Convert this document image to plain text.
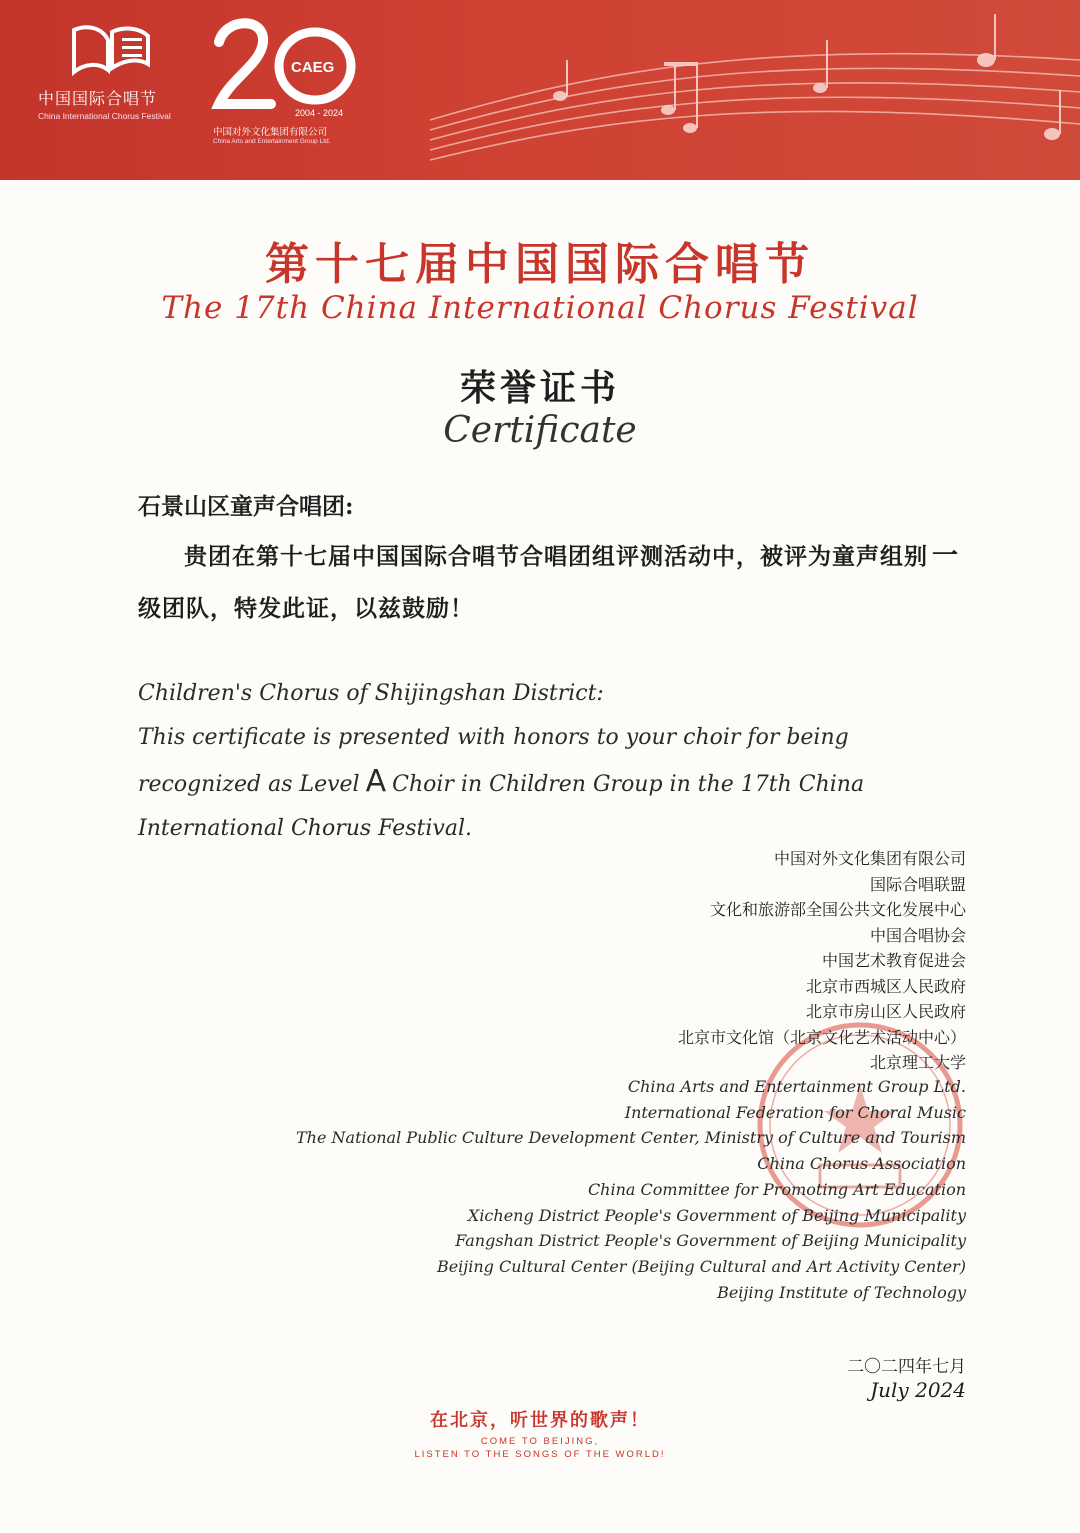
中国国际合唱节
China International Chorus Festival
CAEG
2004 - 2024
中国对外文化集团有限公司
China Arts and Entertainment Group Ltd.
第十七届中国国际合唱节
The 17th China International Chorus Festival
荣誉证书
Certificate
石景山区童声合唱团:
贵团在第十七届中国国际合唱节合唱团组评测活动中，被评为童声组别 一级团队，特发此证，以兹鼓励！
Children's Chorus of Shijingshan District:
This certificate is presented with honors to your choir for being recognized as Level A Choir in Children Group in the 17th China International Chorus Festival.
中国对外文化集团有限公司
国际合唱联盟
文化和旅游部全国公共文化发展中心
中国合唱协会
中国艺术教育促进会
北京市西城区人民政府
北京市房山区人民政府
北京市文化馆（北京文化艺术活动中心）
北京理工大学
China Arts and Entertainment Group Ltd.
International Federation for Choral Music
The National Public Culture Development Center, Ministry of Culture and Tourism
China Chorus Association
China Committee for Promoting Art Education
Xicheng District People's Government of Beijing Municipality
Fangshan District People's Government of Beijing Municipality
Beijing Cultural Center (Beijing Cultural and Art Activity Center)
Beijing Institute of Technology
二〇二四年七月
July 2024
在北京，听世界的歌声！
COME TO BEIJING,
LISTEN TO THE SONGS OF THE WORLD!
